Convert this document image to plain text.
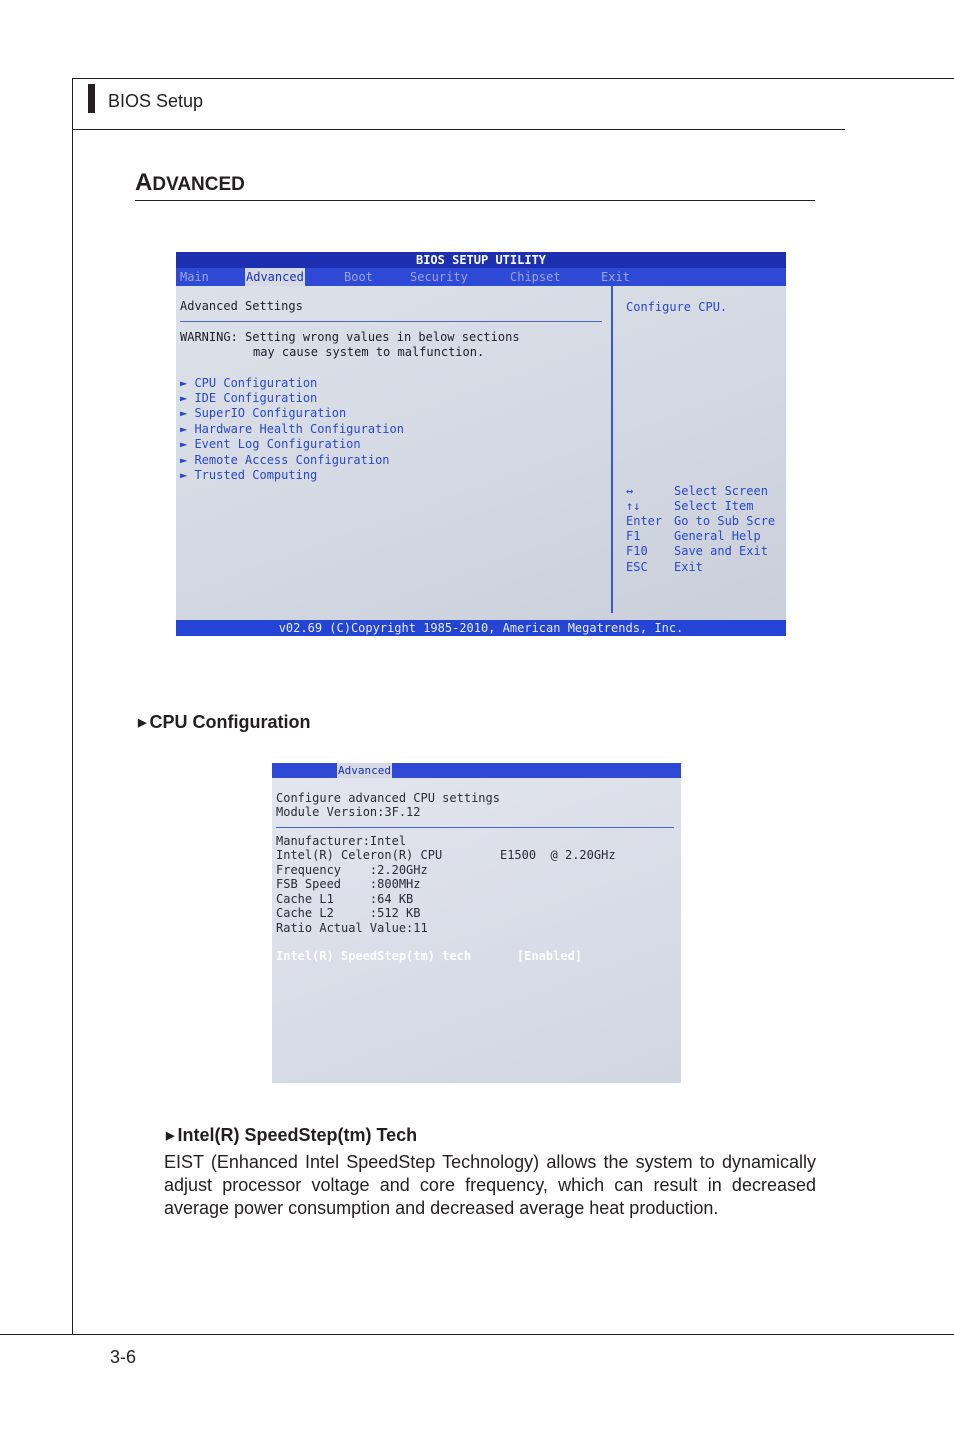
BIOS Setup
ADVANCED
BIOS SETUP UTILITY
Main	Advanced	Boot	Security	Chipset	Exit
Advanced Settings
WARNING: Setting wrong values in below sections
may cause system to malfunction.
► CPU Configuration
► IDE Configuration
► SuperIO Configuration
► Hardware Health Configuration
► Event Log Configuration
► Remote Access Configuration
► Trusted Computing
Configure CPU.
↔	Select Screen
↑↓	Select Item
Enter Go to Sub Scre
F1	General Help
F10 Save and Exit
ESC Exit
v02.69 (C)Copyright 1985-2010, American Megatrends, Inc.
▶ CPU Configuration
Advanced
Configure advanced CPU settings
Module Version:3F.12
Manufacturer:Intel
Intel(R) Celeron(R) CPU        E1500  @ 2.20GHz
Frequency    :2.20GHz
FSB Speed    :800MHz
Cache L1     :64 KB
Cache L2     :512 KB
Ratio Actual Value:11
Intel(R) SpeedStep(tm) tech	[Enabled]
▶ Intel(R) SpeedStep(tm) Tech
EIST (Enhanced Intel SpeedStep Technology) allows the system to dynamically adjust processor voltage and core frequency, which can result in decreased average power consumption and decreased average heat production.
3-6
